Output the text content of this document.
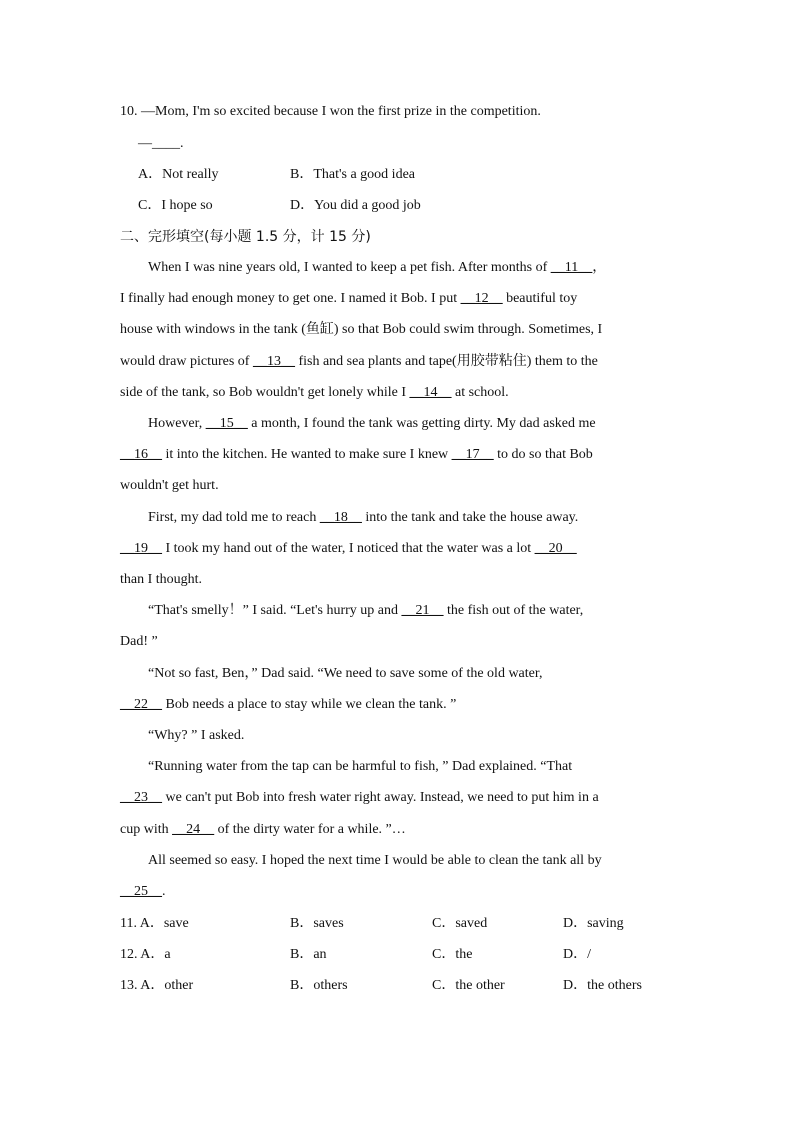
10. —Mom, I'm so excited because I won the first prize in the competition.
—____.
A．Not really	B．That's a good idea
C．I hope so	D．You did a good job
二、完形填空(每小题 1.5 分，计 15 分)
When I was nine years old, I wanted to keep a pet fish. After months of __11__，
I finally had enough money to get one. I named it Bob. I put __12__ beautiful toy
house with windows in the tank (鱼缸) so that Bob could swim through. Sometimes, I
would draw pictures of __13__ fish and sea plants and tape(用胶带粘住) them to the
side of the tank, so Bob wouldn't get lonely while I __14__ at school.
However, __15__ a month, I found the tank was getting dirty. My dad asked me
__16__ it into the kitchen. He wanted to make sure I knew __17__ to do so that Bob
wouldn't get hurt.
First, my dad told me to reach __18__ into the tank and take the house away.
__19__ I took my hand out of the water, I noticed that the water was a lot __20__
than I thought.
“That's smelly！” I said. “Let's hurry up and __21__ the fish out of the water,
Dad! ”
“Not so fast, Ben，” Dad said. “We need to save some of the old water,
__22__ Bob needs a place to stay while we clean the tank. ”
“Why? ” I asked.
“Running water from the tap can be harmful to fish, ” Dad explained. “That
__23__ we can't put Bob into fresh water right away. Instead, we need to put him in a
cup with __24__ of the dirty water for a while. ”…
All seemed so easy. I hoped the next time I would be able to clean the tank all by
__25__.
11. A．save	B．saves	C．saved	D．saving
12. A．a	B．an	C．the	D．/
13. A．other	B．others	C．the other	D．the others
